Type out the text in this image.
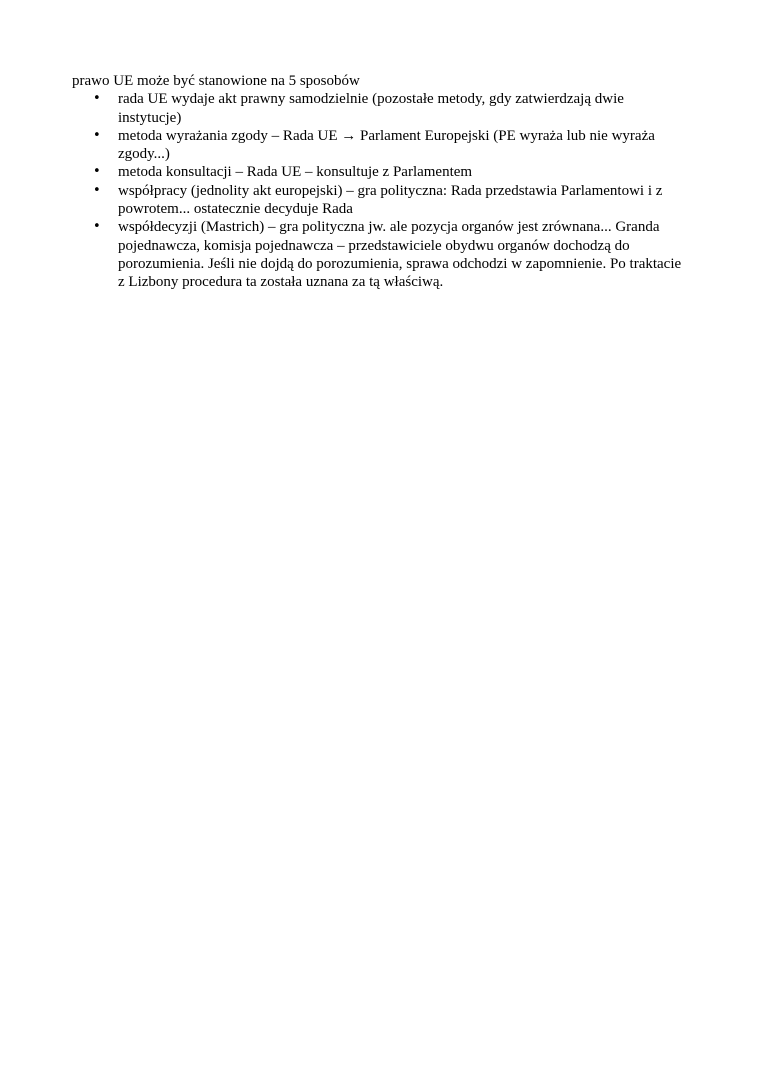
prawo UE może być stanowione na 5 sposobów

• rada UE wydaje akt prawny samodzielnie (pozostałe metody, gdy zatwierdzają dwie instytucje)
• metoda wyrażania zgody – Rada UE → Parlament Europejski (PE wyraża lub nie wyraża zgody...)
• metoda konsultacji – Rada UE – konsultuje z Parlamentem
• współpracy (jednolity akt europejski) – gra polityczna: Rada przedstawia Parlamentowi i z powrotem... ostatecznie decyduje Rada
• współdecyzji (Mastrich) – gra polityczna jw. ale pozycja organów jest zrównana... Granda pojednawcza, komisja pojednawcza – przedstawiciele obydwu organów dochodzą do porozumienia. Jeśli nie dojdą do porozumienia, sprawa odchodzi w zapomnienie. Po traktacie z Lizbony procedura ta została uznana za tą właściwą.
